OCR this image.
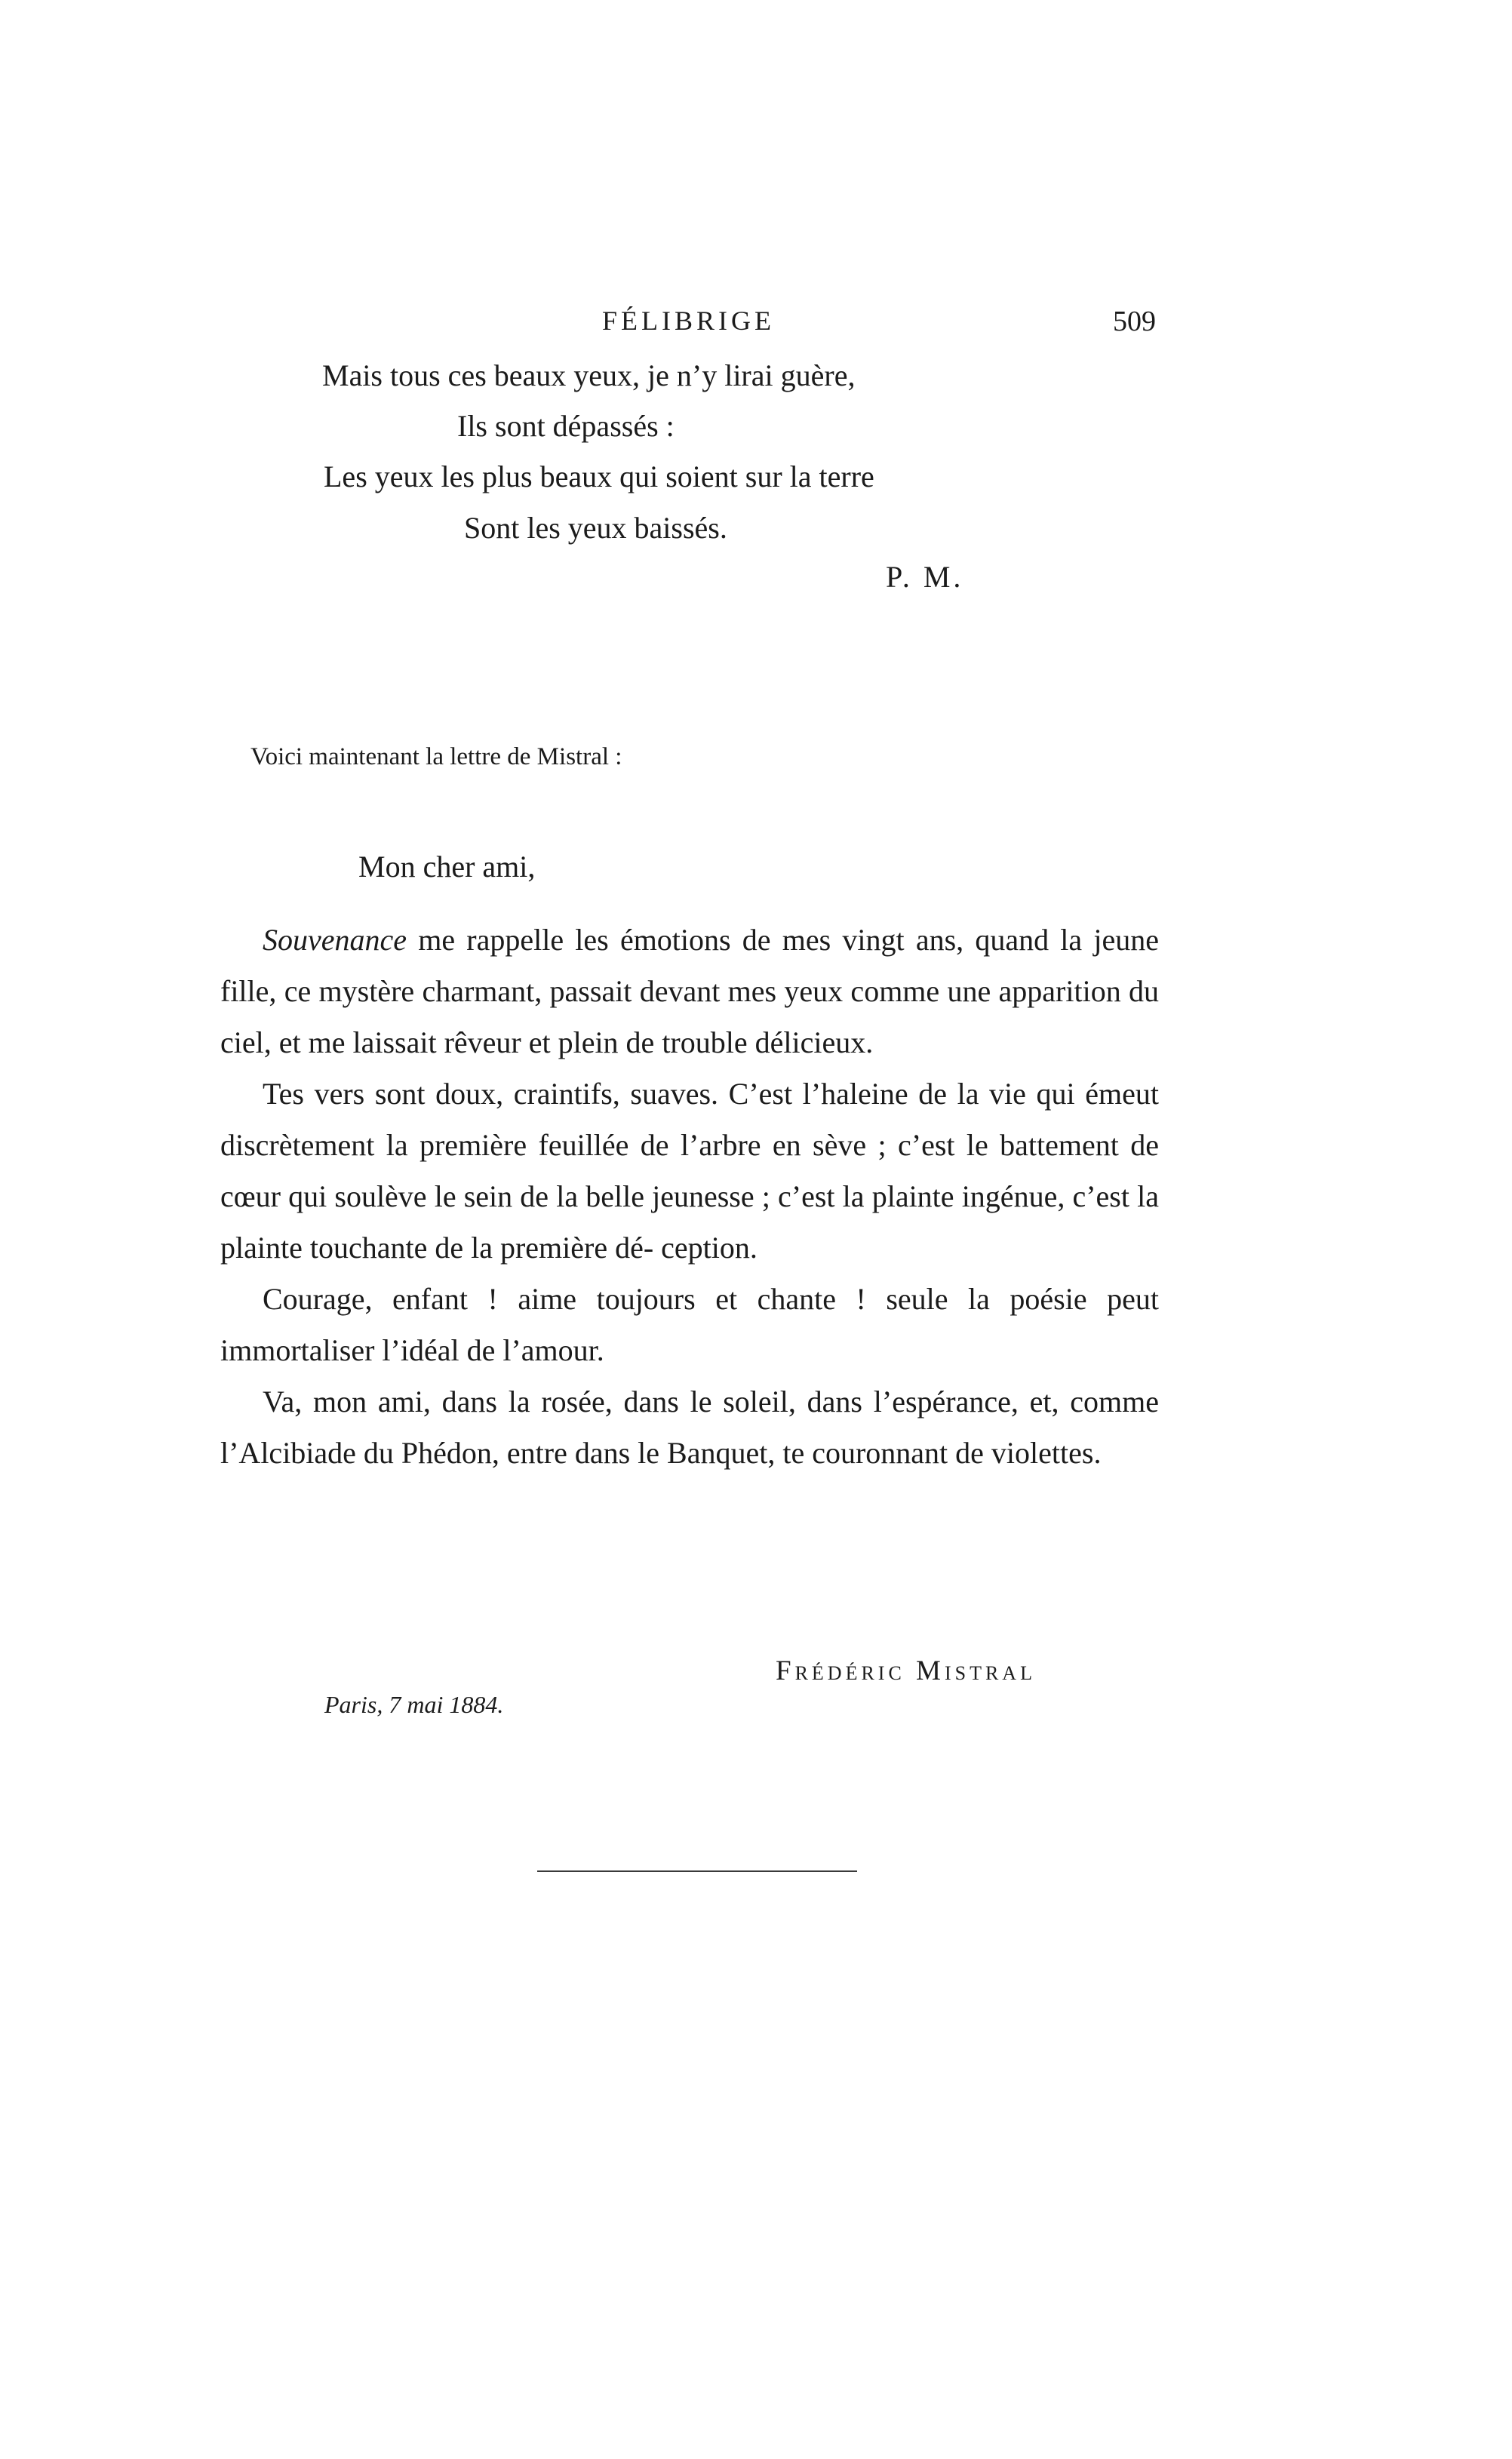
FÉLIBRIGE	509
Mais tous ces beaux yeux, je n’y lirai guère,
Ils sont dépassés :
Les yeux les plus beaux qui soient sur la terre
Sont les yeux baissés.
P. M.
Voici maintenant la lettre de Mistral :
Mon cher ami,

Souvenance me rappelle les émotions de mes vingt ans, quand la jeune fille, ce mystère charmant, passait devant mes yeux comme une apparition du ciel, et me laissait rêveur et plein de trouble délicieux.

Tes vers sont doux, craintifs, suaves. C’est l’haleine de la vie qui émeut discrètement la première feuillée de l’arbre en sève ; c’est le battement de cœur qui soulève le sein de la belle jeunesse ; c’est la plainte ingénue, c’est la plainte touchante de la première dé- ception.

Courage, enfant ! aime toujours et chante ! seule la poésie peut immortaliser l’idéal de l’amour.

Va, mon ami, dans la rosée, dans le soleil, dans l’espérance, et, comme l’Alcibiade du Phédon, entre dans le Banquet, te couronnant de violettes.

Frédéric Mistral
Paris, 7 mai 1884.
